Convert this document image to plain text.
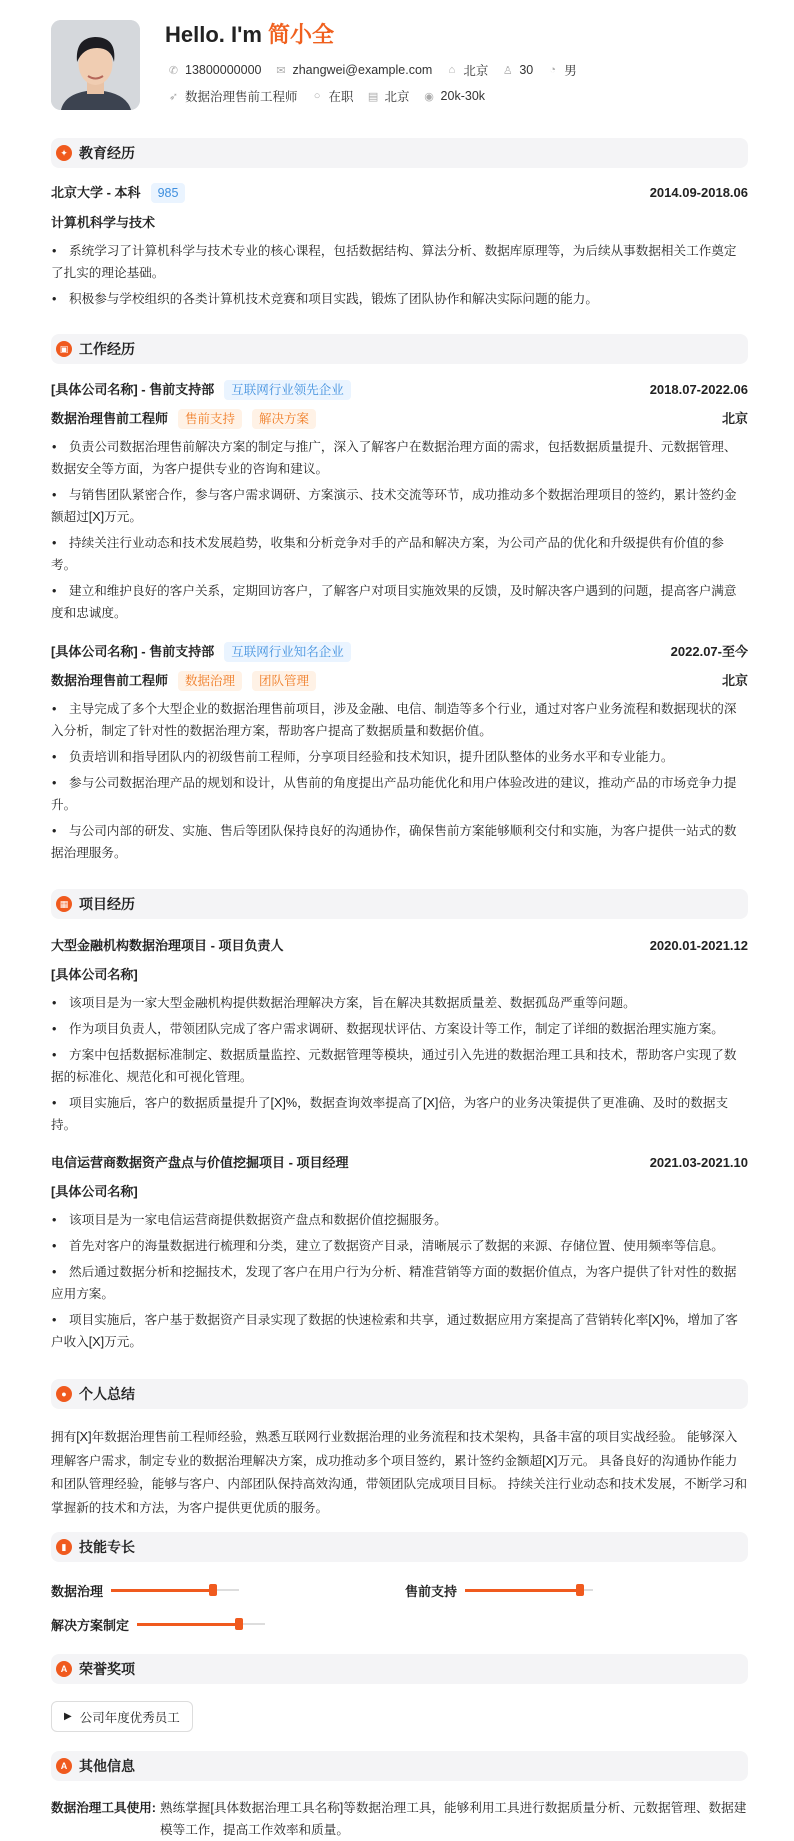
Hello. I'm 简小全
✆ 13800000000 ✉ zhangwei@example.com ⌂ 北京 ♙ 30 ◔ 男
➶ 数据治理售前工程师 ○ 在职 ▤ 北京 ◉ 20k-30k
✦ 教育经历
北京大学 - 本科	985	2014.09-2018.06
计算机科学与技术
• 系统学习了计算机科学与技术专业的核心课程，包括数据结构、算法分析、数据库原理等，为后续从事数据相关工作奠定了扎实的理论基础。
• 积极参与学校组织的各类计算机技术竞赛和项目实践，锻炼了团队协作和解决实际问题的能力。
▣ 工作经历
[具体公司名称] - 售前支持部	互联网行业领先企业	2018.07-2022.06
数据治理售前工程师	售前支持	解决方案	北京
• 负责公司数据治理售前解决方案的制定与推广，深入了解客户在数据治理方面的需求，包括数据质量提升、元数据管理、数据安全等方面，为客户提供专业的咨询和建议。
• 与销售团队紧密合作，参与客户需求调研、方案演示、技术交流等环节，成功推动多个数据治理项目的签约，累计签约金额超过[X]万元。
• 持续关注行业动态和技术发展趋势，收集和分析竞争对手的产品和解决方案，为公司产品的优化和升级提供有价值的参考。
• 建立和维护良好的客户关系，定期回访客户，了解客户对项目实施效果的反馈，及时解决客户遇到的问题，提高客户满意度和忠诚度。
[具体公司名称] - 售前支持部	互联网行业知名企业	2022.07-至今
数据治理售前工程师	数据治理	团队管理	北京
• 主导完成了多个大型企业的数据治理售前项目，涉及金融、电信、制造等多个行业，通过对客户业务流程和数据现状的深入分析，制定了针对性的数据治理方案，帮助客户提高了数据质量和数据价值。
• 负责培训和指导团队内的初级售前工程师，分享项目经验和技术知识，提升团队整体的业务水平和专业能力。
• 参与公司数据治理产品的规划和设计，从售前的角度提出产品功能优化和用户体验改进的建议，推动产品的市场竞争力提升。
• 与公司内部的研发、实施、售后等团队保持良好的沟通协作，确保售前方案能够顺利交付和实施，为客户提供一站式的数据治理服务。
▦ 项目经历
大型金融机构数据治理项目 - 项目负责人	2020.01-2021.12
[具体公司名称]
• 该项目是为一家大型金融机构提供数据治理解决方案，旨在解决其数据质量差、数据孤岛严重等问题。
• 作为项目负责人，带领团队完成了客户需求调研、数据现状评估、方案设计等工作，制定了详细的数据治理实施方案。
• 方案中包括数据标准制定、数据质量监控、元数据管理等模块，通过引入先进的数据治理工具和技术，帮助客户实现了数据的标准化、规范化和可视化管理。
• 项目实施后，客户的数据质量提升了[X]%，数据查询效率提高了[X]倍，为客户的业务决策提供了更准确、及时的数据支持。
电信运营商数据资产盘点与价值挖掘项目 - 项目经理	2021.03-2021.10
[具体公司名称]
• 该项目是为一家电信运营商提供数据资产盘点和数据价值挖掘服务。
• 首先对客户的海量数据进行梳理和分类，建立了数据资产目录，清晰展示了数据的来源、存储位置、使用频率等信息。
• 然后通过数据分析和挖掘技术，发现了客户在用户行为分析、精准营销等方面的数据价值点，为客户提供了针对性的数据应用方案。
• 项目实施后，客户基于数据资产目录实现了数据的快速检索和共享，通过数据应用方案提高了营销转化率[X]%，增加了客户收入[X]万元。
● 个人总结

拥有[X]年数据治理售前工程师经验，熟悉互联网行业数据治理的业务流程和技术架构，具备丰富的项目实战经验。 能够深入理解客户需求，制定专业的数据治理解决方案，成功推动多个项目签约，累计签约金额超[X]万元。 具备良好的沟通协作能力和团队管理经验，能够与客户、内部团队保持高效沟通，带领团队完成项目目标。 持续关注行业动态和技术发展，不断学习和掌握新的技术和方法，为客户提供更优质的服务。

▮ 技能专长
数据治理	售前支持
解决方案制定
A 荣誉奖项
▶ 公司年度优秀员工
A 其他信息
数据治理工具使用: 熟练掌握[具体数据治理工具名称]等数据治理工具，能够利用工具进行数据质量分析、元数据管理、数据建模等工作，提高工作效率和质量。
